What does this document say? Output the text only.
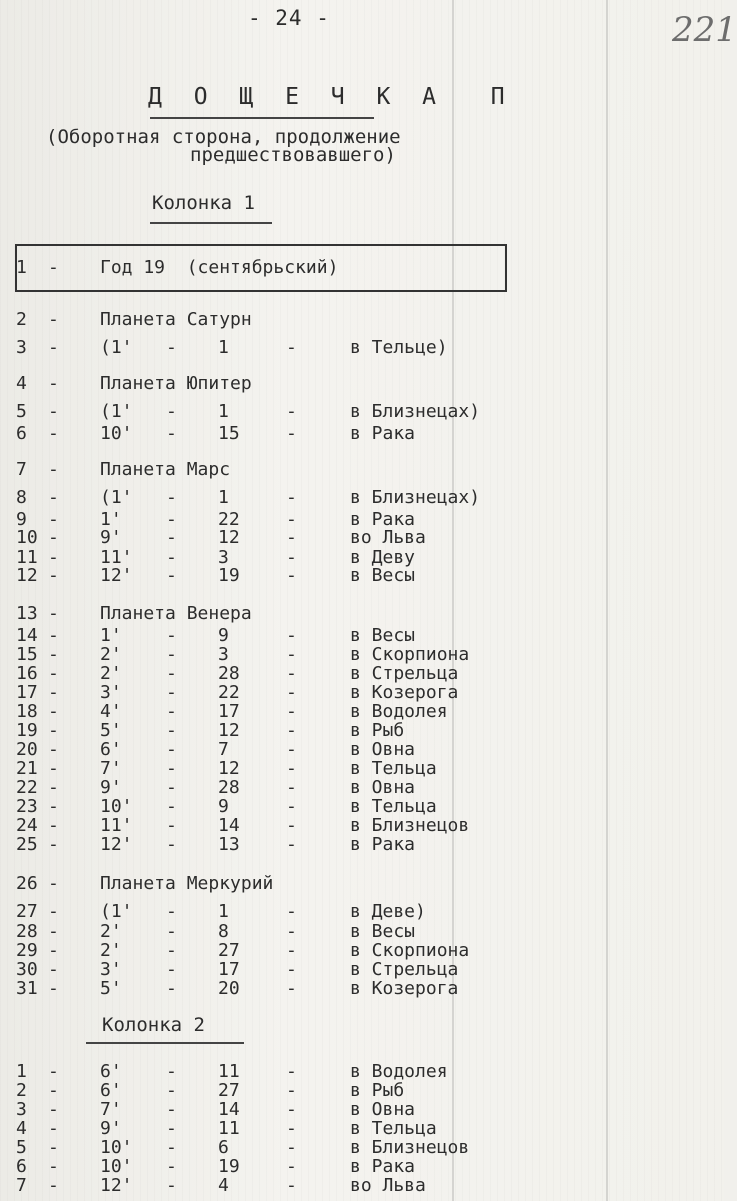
- 24 -	221
Д О Щ Е Ч К А  П
(Оборотная сторона, продолжение
предшествовавшего)
Колонка 1
1 - Год 19  (сентябрьский)
2 - Планета Сатурн
3 - (1' - 1	-	в Тельце)
4 - Планета Юпитер
5 - (1' - 1	-	в Близнецах)
6 - 10' - 15	-	в Рака
7 - Планета Марс
8 - (1' - 1	-	в Близнецах)
9 - 1' - 22	-	в Рака
10 - 9' - 12	-	во Льва
11 - 11' - 3	-	в Деву
12 - 12' - 19	-	в Весы
13 - Планета Венера
14 - 1' - 9	-	в Весы
15 - 2' - 3	-	в Скорпиона
16 - 2' - 28	-	в Стрельца
17 - 3' - 22	-	в Козерога
18 - 4' - 17	-	в Водолея
19 - 5' - 12	-	в Рыб
20 - 6' - 7	-	в Овна
21 - 7' - 12	-	в Тельца
22 - 9' - 28	-	в Овна
23 - 10' - 9	-	в Тельца
24 - 11' - 14	-	в Близнецов
25 - 12' - 13	-	в Рака
26 - Планета Меркурий
27 - (1' - 1	-	в Деве)
28 - 2' - 8	-	в Весы
29 - 2' - 27	-	в Скорпиона
30 - 3' - 17	-	в Стрельца
31 - 5' - 20	-	в Козерога
Колонка 2
1 - 6' - 11	-	в Водолея
2 - 6' - 27	-	в Рыб
3 - 7' - 14	-	в Овна
4 - 9' - 11	-	в Тельца
5 - 10' - 6	-	в Близнецов
6 - 10' - 19	-	в Рака
7 - 12' - 4	-	во Льва
